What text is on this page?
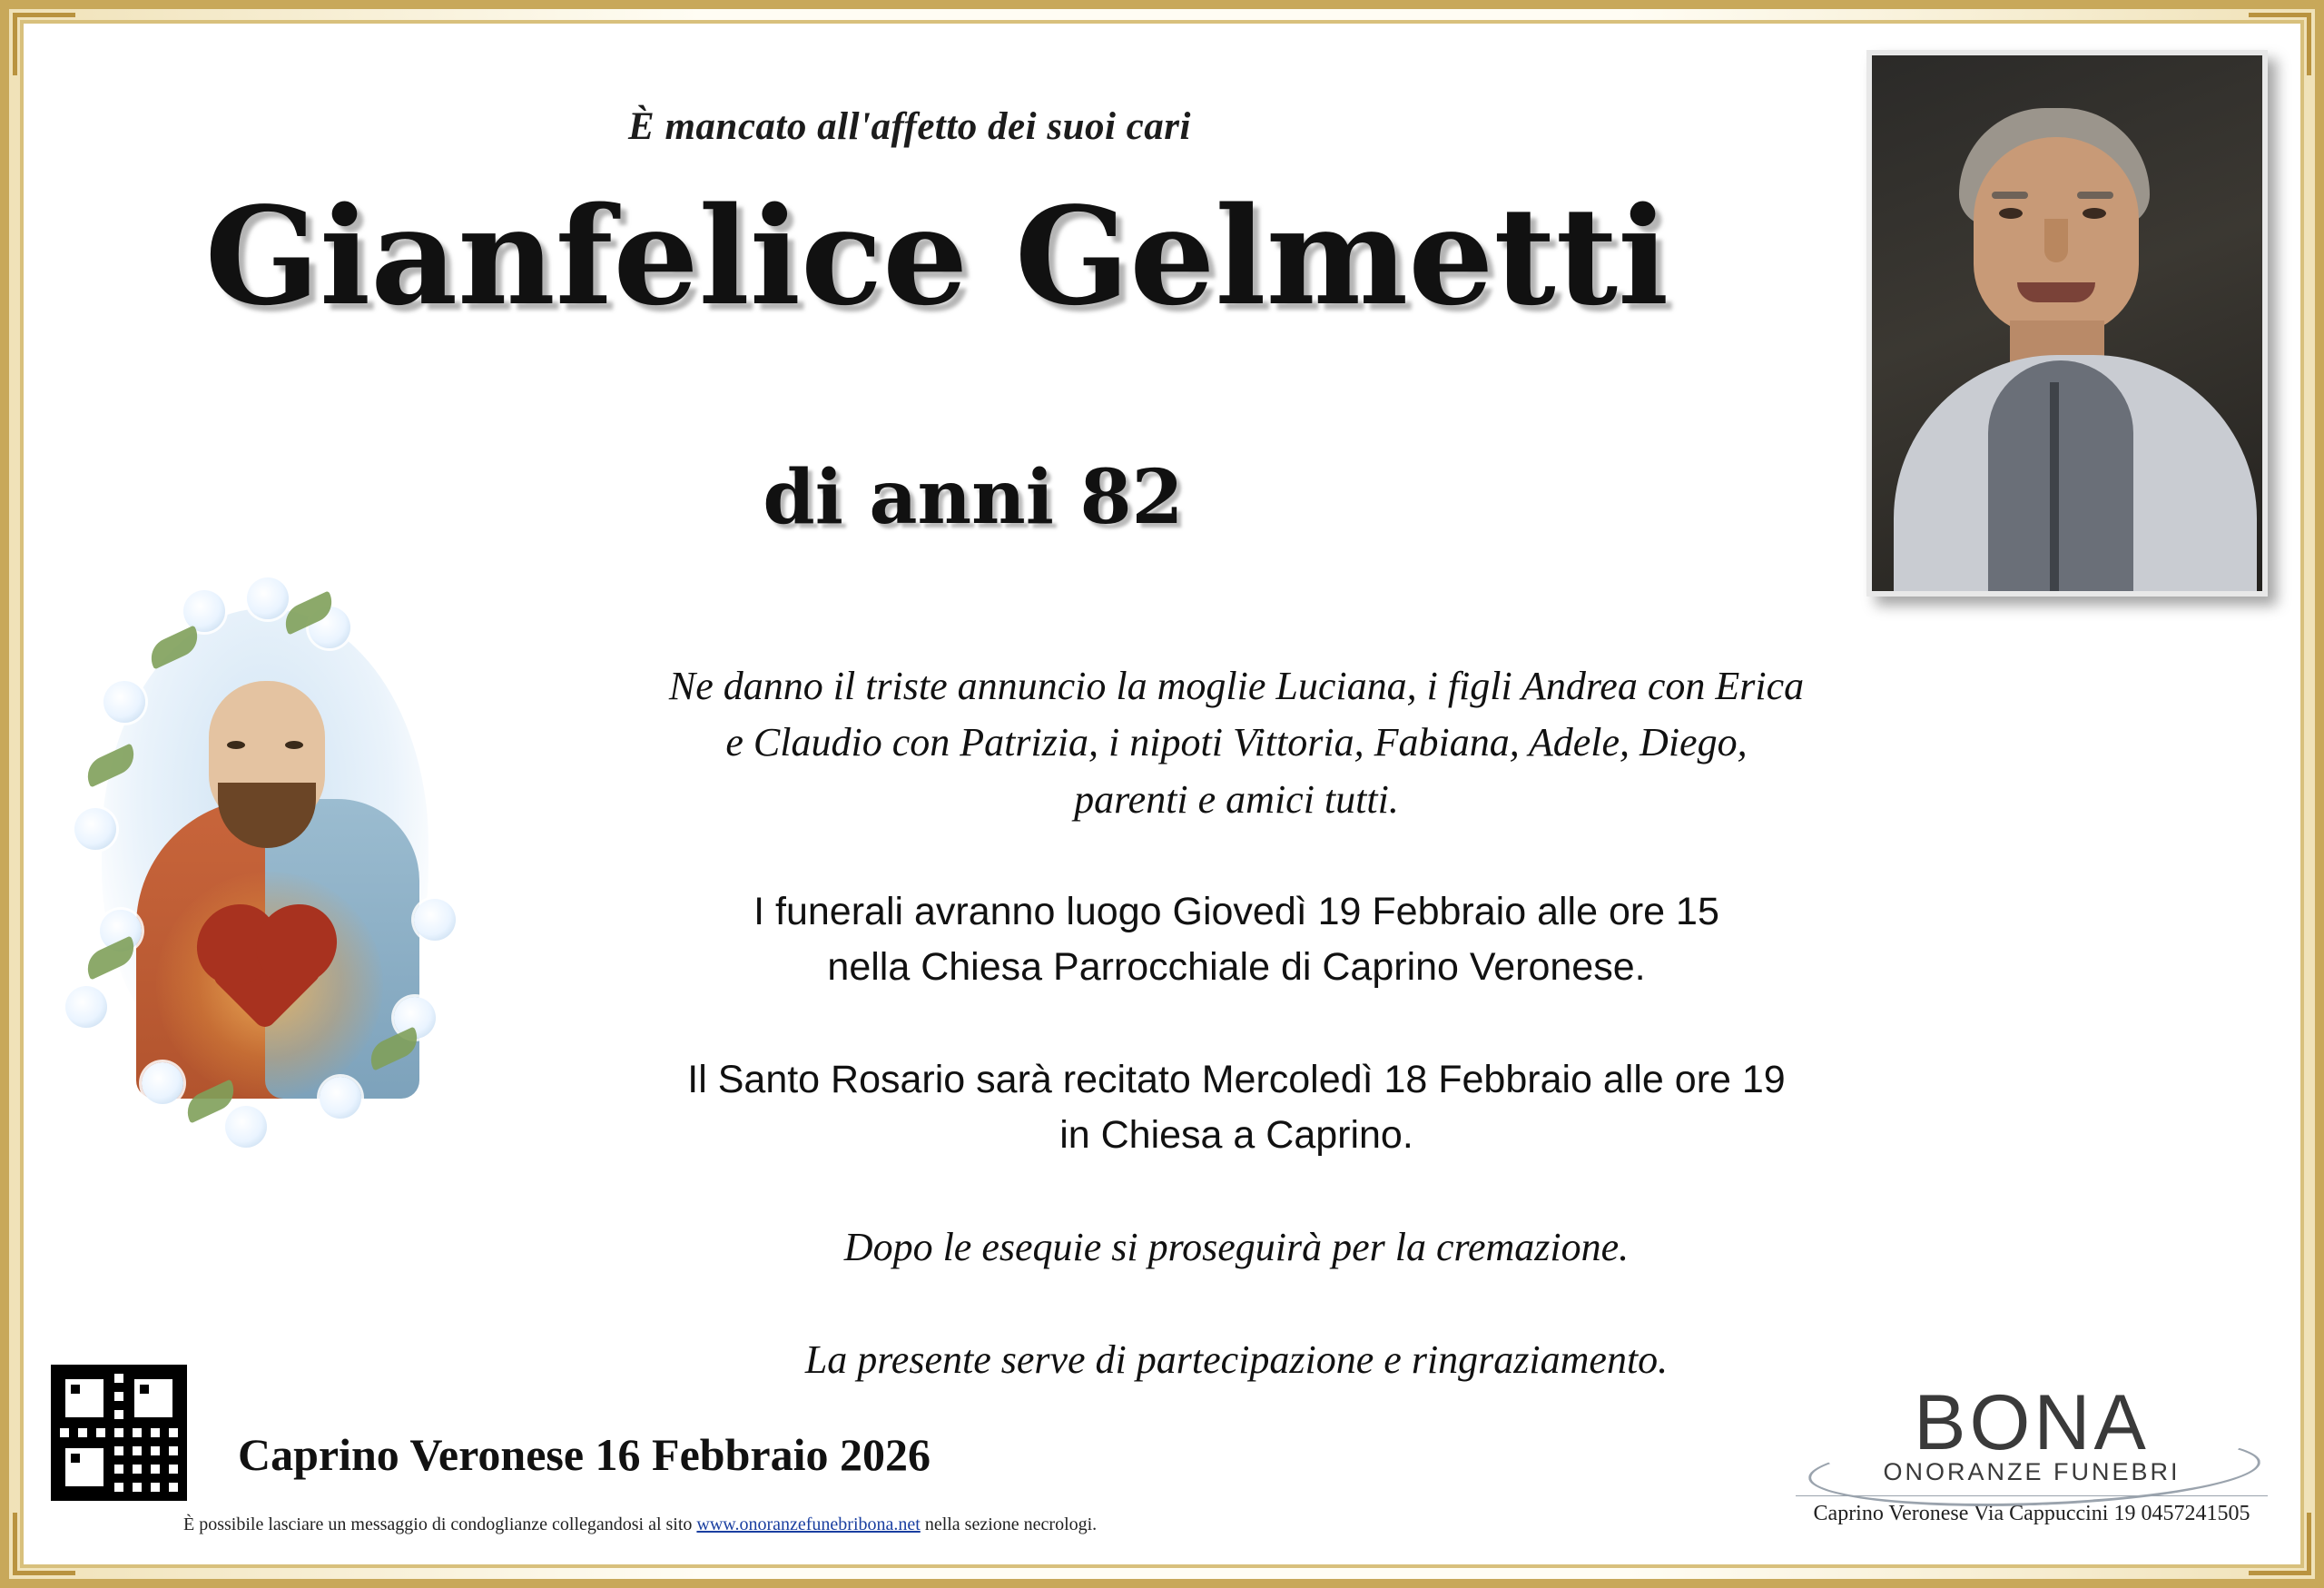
È mancato all'affetto dei suoi cari
Gianfelice Gelmetti
di anni 82

Ne danno il triste annuncio la moglie Luciana, i figli Andrea con Erica

e Claudio con Patrizia, i nipoti Vittoria, Fabiana, Adele, Diego,

parenti e amici tutti.

I funerali avranno luogo Giovedì 19 Febbraio alle ore 15

nella Chiesa Parrocchiale di Caprino Veronese.

Il Santo Rosario sarà recitato Mercoledì 18 Febbraio alle ore 19

in Chiesa a Caprino.

Dopo le esequie si proseguirà per la cremazione.

La presente serve di partecipazione e ringraziamento.

Caprino Veronese 16 Febbraio 2026
È possibile lasciare un messaggio di condoglianze collegandosi al sito www.onoranzefunebribona.net nella sezione necrologi.
BONA
ONORANZE FUNEBRI
Caprino Veronese Via Cappuccini 19 0457241505
